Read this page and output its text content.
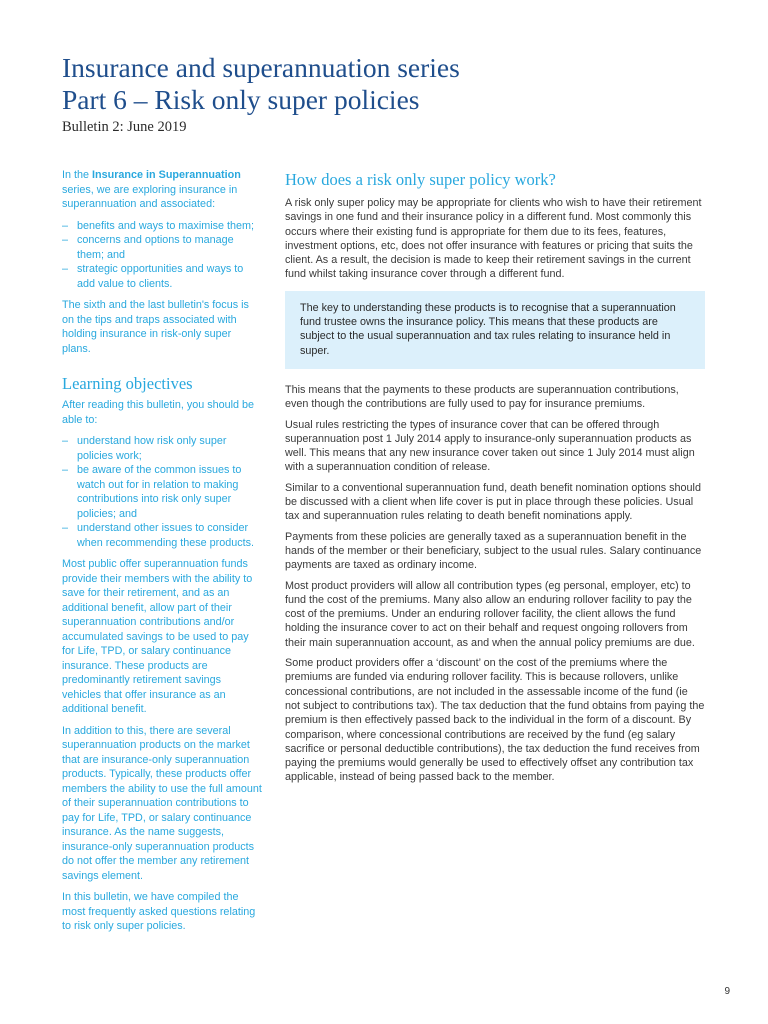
Insurance and superannuation series
Part 6 – Risk only super policies
Bulletin 2: June 2019

In the Insurance in Superannuation series, we are exploring insurance in superannuation and associated:

– benefits and ways to maximise them;
– concerns and options to manage them; and
– strategic opportunities and ways to add value to clients.

The sixth and the last bulletin's focus is on the tips and traps associated with holding insurance in risk-only super plans.

Learning objectives

After reading this bulletin, you should be able to:

– understand how risk only super policies work;
– be aware of the common issues to watch out for in relation to making contributions into risk only super policies; and
– understand other issues to consider when recommending these products.

Most public offer superannuation funds provide their members with the ability to save for their retirement, and as an additional benefit, allow part of their superannuation contributions and/or accumulated savings to be used to pay for Life, TPD, or salary continuance insurance. These products are predominantly retirement savings vehicles that offer insurance as an additional benefit.

In addition to this, there are several superannuation products on the market that are insurance-only superannuation products. Typically, these products offer members the ability to use the full amount of their superannuation contributions to pay for Life, TPD, or salary continuance insurance. As the name suggests, insurance-only superannuation products do not offer the member any retirement savings element.

In this bulletin, we have compiled the most frequently asked questions relating to risk only super policies.

How does a risk only super policy work?

A risk only super policy may be appropriate for clients who wish to have their retirement savings in one fund and their insurance policy in a different fund. Most commonly this occurs where their existing fund is appropriate for them due to its fees, features, investment options, etc, does not offer insurance with features or pricing that suits the client. As a result, the decision is made to keep their retirement savings in the current fund whilst taking insurance cover through a different fund.

The key to understanding these products is to recognise that a superannuation fund trustee owns the insurance policy. This means that these products are subject to the usual superannuation and tax rules relating to insurance held in super.

This means that the payments to these products are superannuation contributions, even though the contributions are fully used to pay for insurance premiums.

Usual rules restricting the types of insurance cover that can be offered through superannuation post 1 July 2014 apply to insurance-only superannuation products as well. This means that any new insurance cover taken out since 1 July 2014 must align with a superannuation condition of release.

Similar to a conventional superannuation fund, death benefit nomination options should be discussed with a client when life cover is put in place through these policies. Usual tax and superannuation rules relating to death benefit nominations apply.

Payments from these policies are generally taxed as a superannuation benefit in the hands of the member or their beneficiary, subject to the usual rules. Salary continuance payments are taxed as ordinary income.

Most product providers will allow all contribution types (eg personal, employer, etc) to fund the cost of the premiums. Many also allow an enduring rollover facility to pay the cost of the premiums. Under an enduring rollover facility, the client allows the fund holding the insurance cover to act on their behalf and request ongoing rollovers from their main superannuation account, as and when the annual policy premiums are due.

Some product providers offer a ‘discount’ on the cost of the premiums where the premiums are funded via enduring rollover facility. This is because rollovers, unlike concessional contributions, are not included in the assessable income of the fund (ie not subject to contributions tax). The tax deduction that the fund obtains from paying the premium is then effectively passed back to the individual in the form of a discount. By comparison, where concessional contributions are received by the fund (eg salary sacrifice or personal deductible contributions), the tax deduction the fund receives from paying the premiums would generally be used to effectively offset any contribution tax applicable, instead of being passed back to the member.

9
